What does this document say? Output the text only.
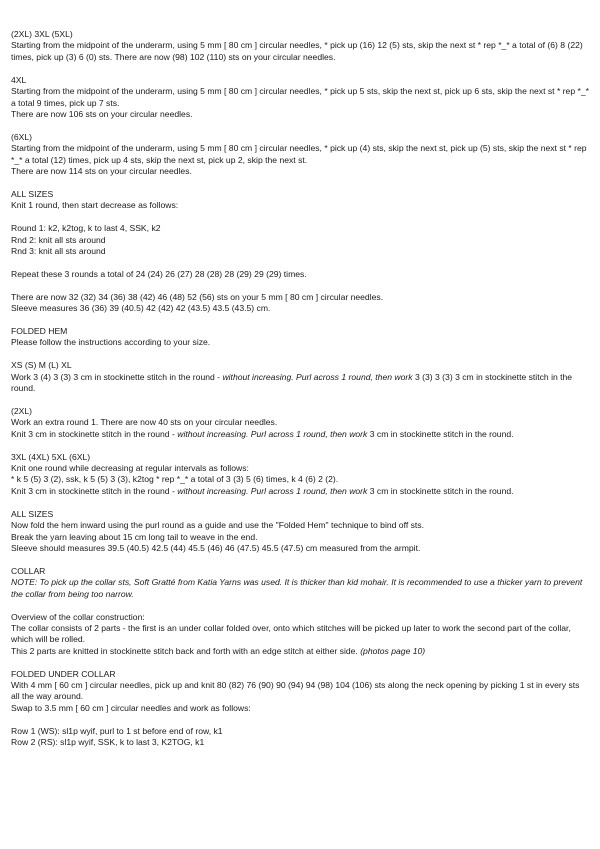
(2XL) 3XL (5XL)
Starting from the midpoint of the underarm, using 5 mm [ 80 cm ] circular needles, * pick up (16) 12 (5) sts, skip the next st * rep *_* a total of (6) 8 (22) times, pick up (3) 6 (0) sts. There are now (98) 102 (110) sts on your circular needles.
4XL
Starting from the midpoint of the underarm, using 5 mm [ 80 cm ] circular needles, * pick up 5 sts, skip the next st, pick up 6 sts, skip the next st * rep *_* a total 9 times, pick up 7 sts.
There are now 106 sts on your circular needles.
(6XL)
Starting from the midpoint of the underarm, using 5 mm [ 80 cm ] circular needles, * pick up (4) sts, skip the next st, pick up (5) sts, skip the next st * rep *_* a total (12) times, pick up 4 sts, skip the next st, pick up 2, skip the next st.
There are now 114 sts on your circular needles.
ALL SIZES
Knit 1 round, then start decrease as follows:
Round 1: k2, k2tog, k to last 4, SSK, k2
Rnd 2: knit all sts around
Rnd 3: knit all sts around
Repeat these 3 rounds a total of 24 (24) 26 (27) 28 (28) 28 (29) 29 (29) times.
There are now 32 (32) 34 (36) 38 (42) 46 (48) 52 (56) sts on your 5 mm [ 80 cm ] circular needles.
Sleeve measures 36 (36) 39 (40.5) 42 (42) 42 (43.5) 43.5 (43.5) cm.
FOLDED HEM
Please follow the instructions according to your size.
XS (S) M (L) XL
Work 3 (4) 3 (3) 3 cm in stockinette stitch in the round - without increasing. Purl across 1 round, then work 3 (3) 3 (3) 3 cm in stockinette stitch in the round.
(2XL)
Work an extra round 1. There are now 40 sts on your circular needles.
Knit 3 cm in stockinette stitch in the round - without increasing. Purl across 1 round, then work 3 cm in stockinette stitch in the round.
3XL (4XL) 5XL (6XL)
Knit one round while decreasing at regular intervals as follows:
* k 5 (5) 3 (2), ssk, k 5 (5) 3 (3), k2tog * rep *_* a total of 3 (3) 5 (6) times, k 4 (6) 2 (2).
Knit 3 cm in stockinette stitch in the round - without increasing. Purl across 1 round, then work 3 cm in stockinette stitch in the round.
ALL SIZES
Now fold the hem inward using the purl round as a guide and use the "Folded Hem" technique to bind off sts.
Break the yarn leaving about 15 cm long tail to weave in the end.
Sleeve should measures 39.5 (40.5) 42.5 (44) 45.5 (46) 46 (47.5) 45.5 (47.5) cm measured from the armpit.
COLLAR
NOTE: To pick up the collar sts, Soft Gratté from Katia Yarns was used. It is thicker than kid mohair. It is recommended to use a thicker yarn to prevent the collar from being too narrow.
Overview of the collar construction:
The collar consists of 2 parts - the first is an under collar folded over, onto which stitches will be picked up later to work the second part of the collar, which will be rolled.
This 2 parts are knitted in stockinette stitch back and forth with an edge stitch at either side. (photos page 10)
FOLDED UNDER COLLAR
With 4 mm [ 60 cm ] circular needles, pick up and knit 80 (82) 76 (90) 90 (94) 94 (98) 104 (106) sts along the neck opening by picking 1 st in every sts all the way around.
Swap to 3.5 mm [ 60 cm ] circular needles and work as follows:
Row 1 (WS): sl1p wyif, purl to 1 st before end of row, k1
Row 2 (RS): sl1p wyif, SSK, k to last 3, K2TOG, k1
